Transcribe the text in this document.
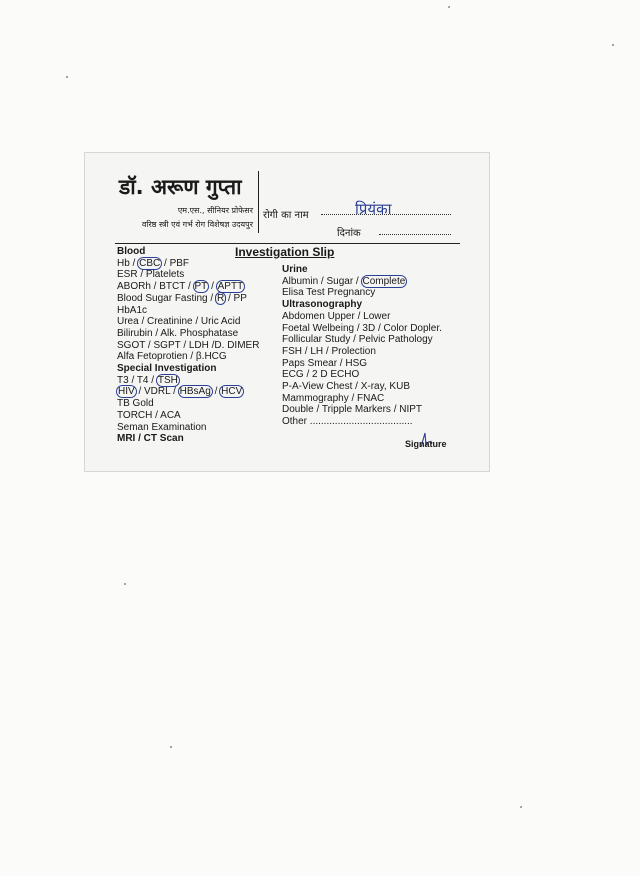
डॉ. अरूण गुप्ता
एम.एस., सीनियर प्रोफेसर
वरिष्ठ स्त्री एवं गर्भ रोग विशेषज्ञ उदयपुर
रोगी का नाम	प्रियंका
दिनांक
Investigation Slip
Blood
Hb / CBC / PBF
ESR / Platelets
ABORh / BTCT / PT / APTT
Blood Sugar Fasting / R / PP
HbA1c
Urea / Creatinine / Uric Acid
Bilirubin / Alk. Phosphatase
SGOT / SGPT / LDH /D. DIMER
Alfa Fetoprotien / β.HCG
Special Investigation
T3 / T4 / TSH
HIV / VDRL / HBsAg / HCV
TB Gold
TORCH / ACA
Seman Examination
MRI / CT Scan
Urine
Albumin / Sugar / Complete
Elisa Test Pregnancy
Ultrasonography
Abdomen Upper / Lower
Foetal Welbeing / 3D / Color Dopler.
Follicular Study / Pelvic Pathology
FSH / LH / Prolection
Paps Smear / HSG
ECG / 2 D ECHO
P-A-View Chest / X-ray, KUB
Mammography / FNAC
Double / Tripple Markers / NIPT
Other .....................................
Signature
